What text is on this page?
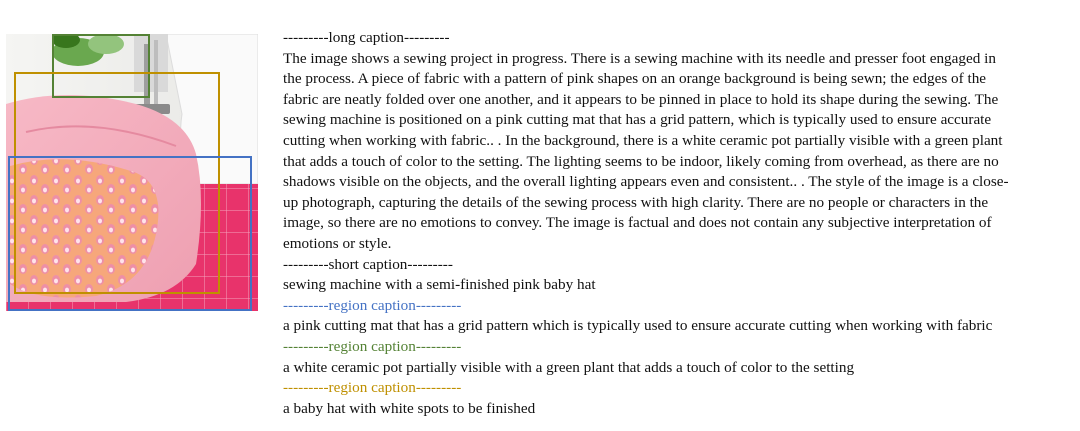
---------long caption---------
The image shows a sewing project in progress. There is a sewing machine with its needle and presser foot engaged in
the process. A piece of fabric with a pattern of pink shapes on an orange background is being sewn; the edges of the
fabric are neatly folded over one another, and it appears to be pinned in place to hold its shape during the sewing. The
sewing machine is positioned on a pink cutting mat that has a grid pattern, which is typically used to ensure accurate
cutting when working with fabric.. . In the background, there is a white ceramic pot partially visible with a green plant
that adds a touch of color to the setting. The lighting seems to be indoor, likely coming from overhead, as there are no
shadows visible on the objects, and the overall lighting appears even and consistent.. . The style of the image is a close-
up photograph, capturing the details of the sewing process with high clarity. There are no people or characters in the
image, so there are no emotions to convey. The image is factual and does not contain any subjective interpretation of
emotions or style.
---------short caption---------
sewing machine with a semi-finished pink baby hat
---------region caption---------
a pink cutting mat that has a grid pattern which is typically used to ensure accurate cutting when working with fabric
---------region caption---------
a white ceramic pot partially visible with a green plant that adds a touch of color to the setting
---------region caption---------
a baby hat with white spots to be finished
